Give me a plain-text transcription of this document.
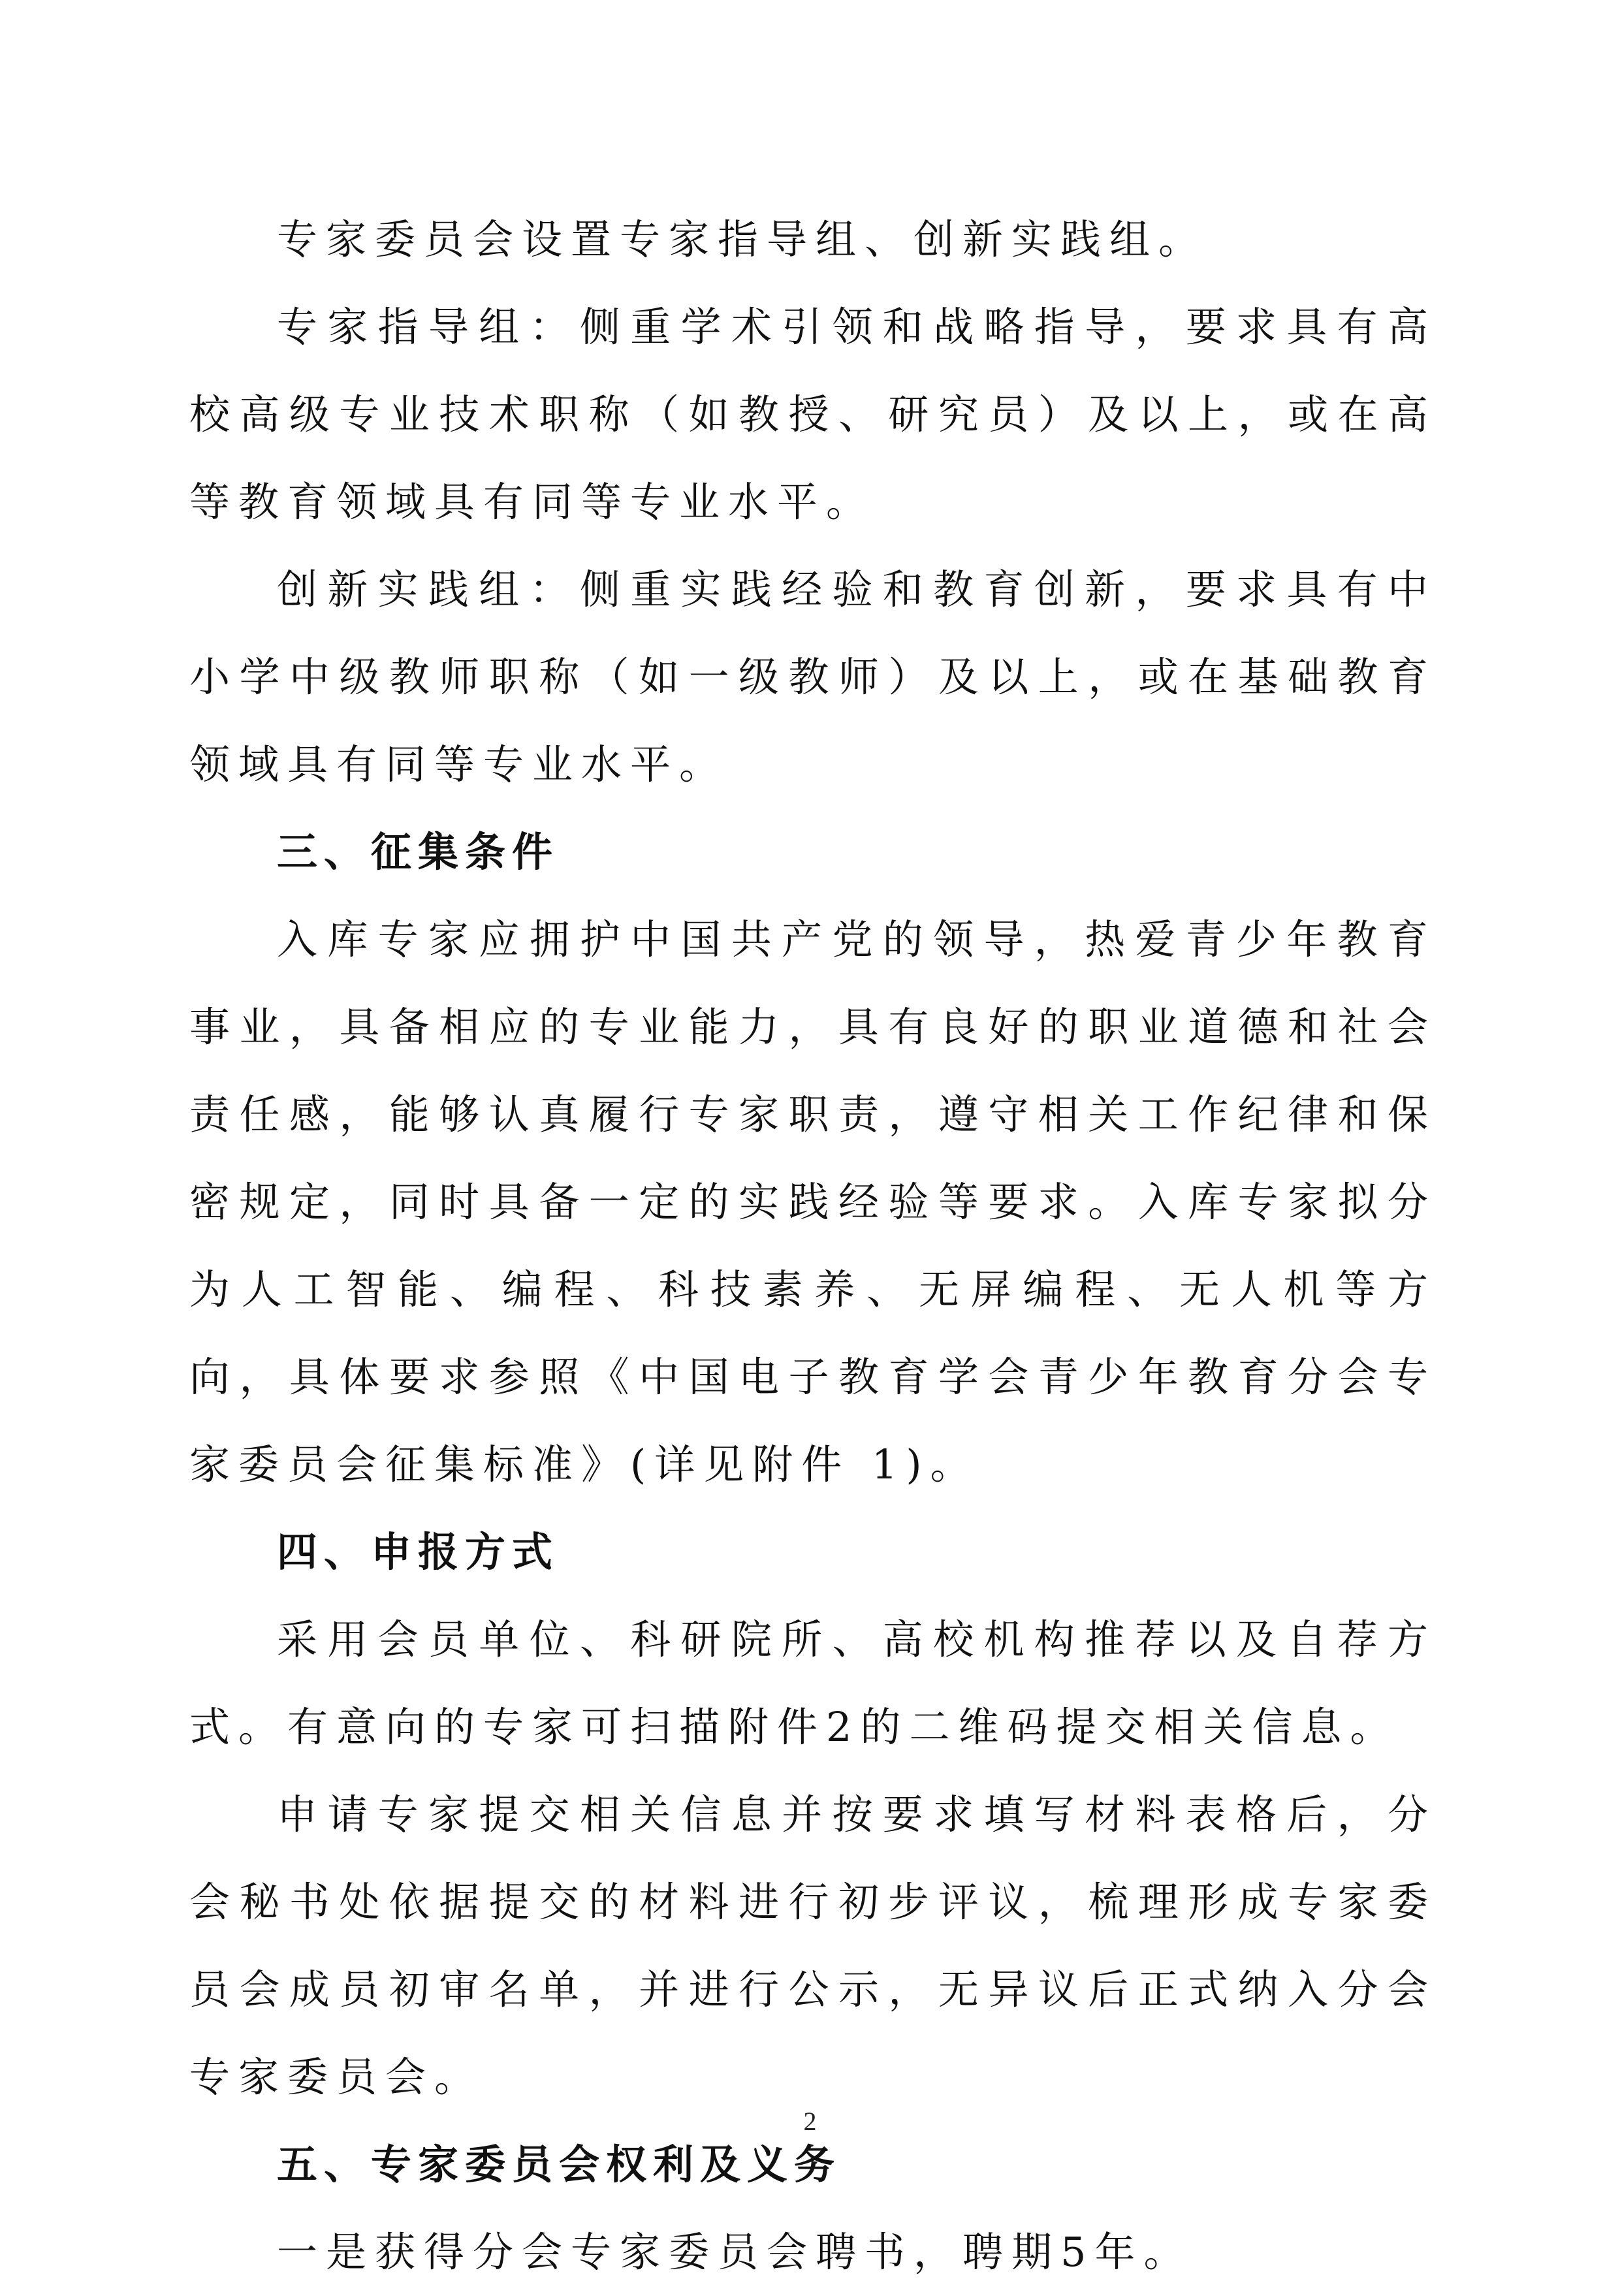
专家委员会设置专家指导组、创新实践组。

专家指导组：侧重学术引领和战略指导，要求具有高校高级专业技术职称（如教授、研究员）及以上，或在高等教育领域具有同等专业水平。

创新实践组：侧重实践经验和教育创新，要求具有中小学中级教师职称（如一级教师）及以上，或在基础教育领域具有同等专业水平。

三、征集条件

入库专家应拥护中国共产党的领导，热爱青少年教育事业，具备相应的专业能力，具有良好的职业道德和社会责任感，能够认真履行专家职责，遵守相关工作纪律和保密规定，同时具备一定的实践经验等要求。入库专家拟分为人工智能、编程、科技素养、无屏编程、无人机等方向，具体要求参照《中国电子教育学会青少年教育分会专家委员会征集标准》(详见附件 1)。

四、申报方式

采用会员单位、科研院所、高校机构推荐以及自荐方式。有意向的专家可扫描附件2的二维码提交相关信息。

申请专家提交相关信息并按要求填写材料表格后，分会秘书处依据提交的材料进行初步评议，梳理形成专家委员会成员初审名单，并进行公示，无异议后正式纳入分会专家委员会。

五、专家委员会权利及义务

一是获得分会专家委员会聘书，聘期5年。

2
